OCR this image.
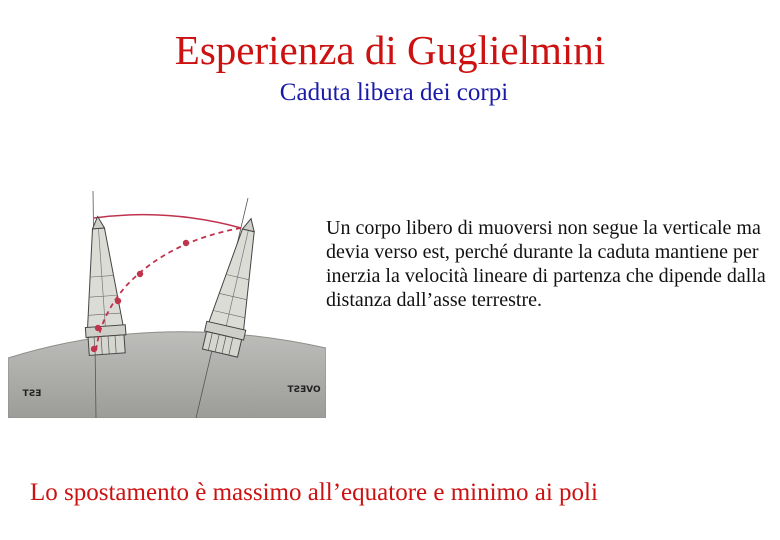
Esperienza di Guglielmini
Caduta libera dei corpi
EST	OVEST
Un corpo libero di muoversi non segue la verticale ma devia verso est, perché durante la caduta mantiene per inerzia la velocità lineare di partenza che dipende dalla distanza dall’asse terrestre.
Lo spostamento è massimo all’equatore e minimo ai poli
